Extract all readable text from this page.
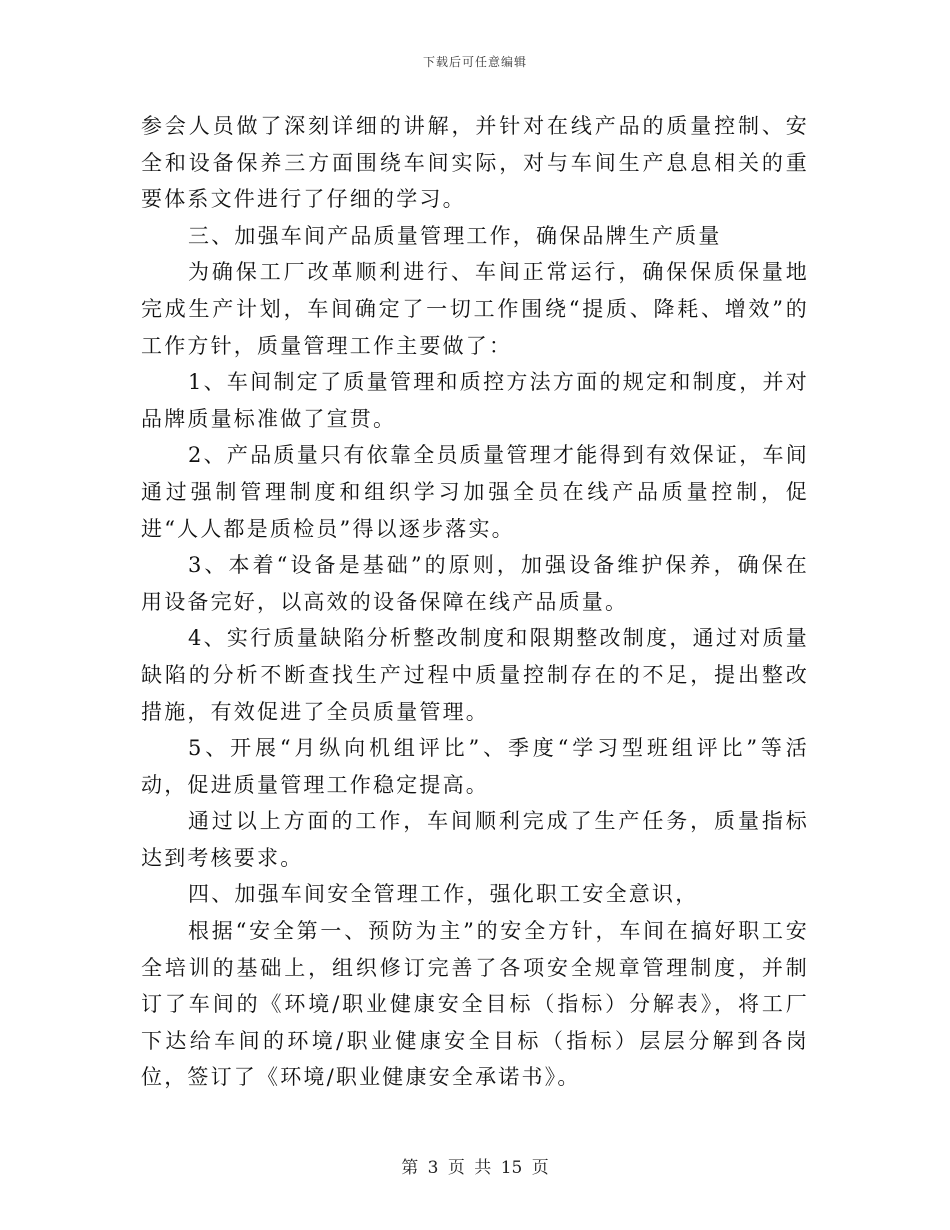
下载后可任意编辑

参会人员做了深刻详细的讲解，并针对在线产品的质量控制、安全和设备保养三方面围绕车间实际，对与车间生产息息相关的重要体系文件进行了仔细的学习。

三、加强车间产品质量管理工作，确保品牌生产质量

为确保工厂改革顺利进行、车间正常运行，确保保质保量地完成生产计划，车间确定了一切工作围绕“提质、降耗、增效”的工作方针，质量管理工作主要做了：

1、车间制定了质量管理和质控方法方面的规定和制度，并对品牌质量标准做了宣贯。

2、产品质量只有依靠全员质量管理才能得到有效保证，车间通过强制管理制度和组织学习加强全员在线产品质量控制，促进“人人都是质检员”得以逐步落实。

3、本着“设备是基础”的原则，加强设备维护保养，确保在用设备完好，以高效的设备保障在线产品质量。

4、实行质量缺陷分析整改制度和限期整改制度，通过对质量缺陷的分析不断查找生产过程中质量控制存在的不足，提出整改措施，有效促进了全员质量管理。

5、开展“月纵向机组评比”、季度“学习型班组评比”等活动，促进质量管理工作稳定提高。

通过以上方面的工作，车间顺利完成了生产任务，质量指标达到考核要求。

四、加强车间安全管理工作，强化职工安全意识，

根据“安全第一、预防为主”的安全方针，车间在搞好职工安全培训的基础上，组织修订完善了各项安全规章管理制度，并制订了车间的《环境/职业健康安全目标（指标）分解表》，将工厂下达给车间的环境/职业健康安全目标（指标）层层分解到各岗位，签订了《环境/职业健康安全承诺书》。

第 3 页 共 15 页
